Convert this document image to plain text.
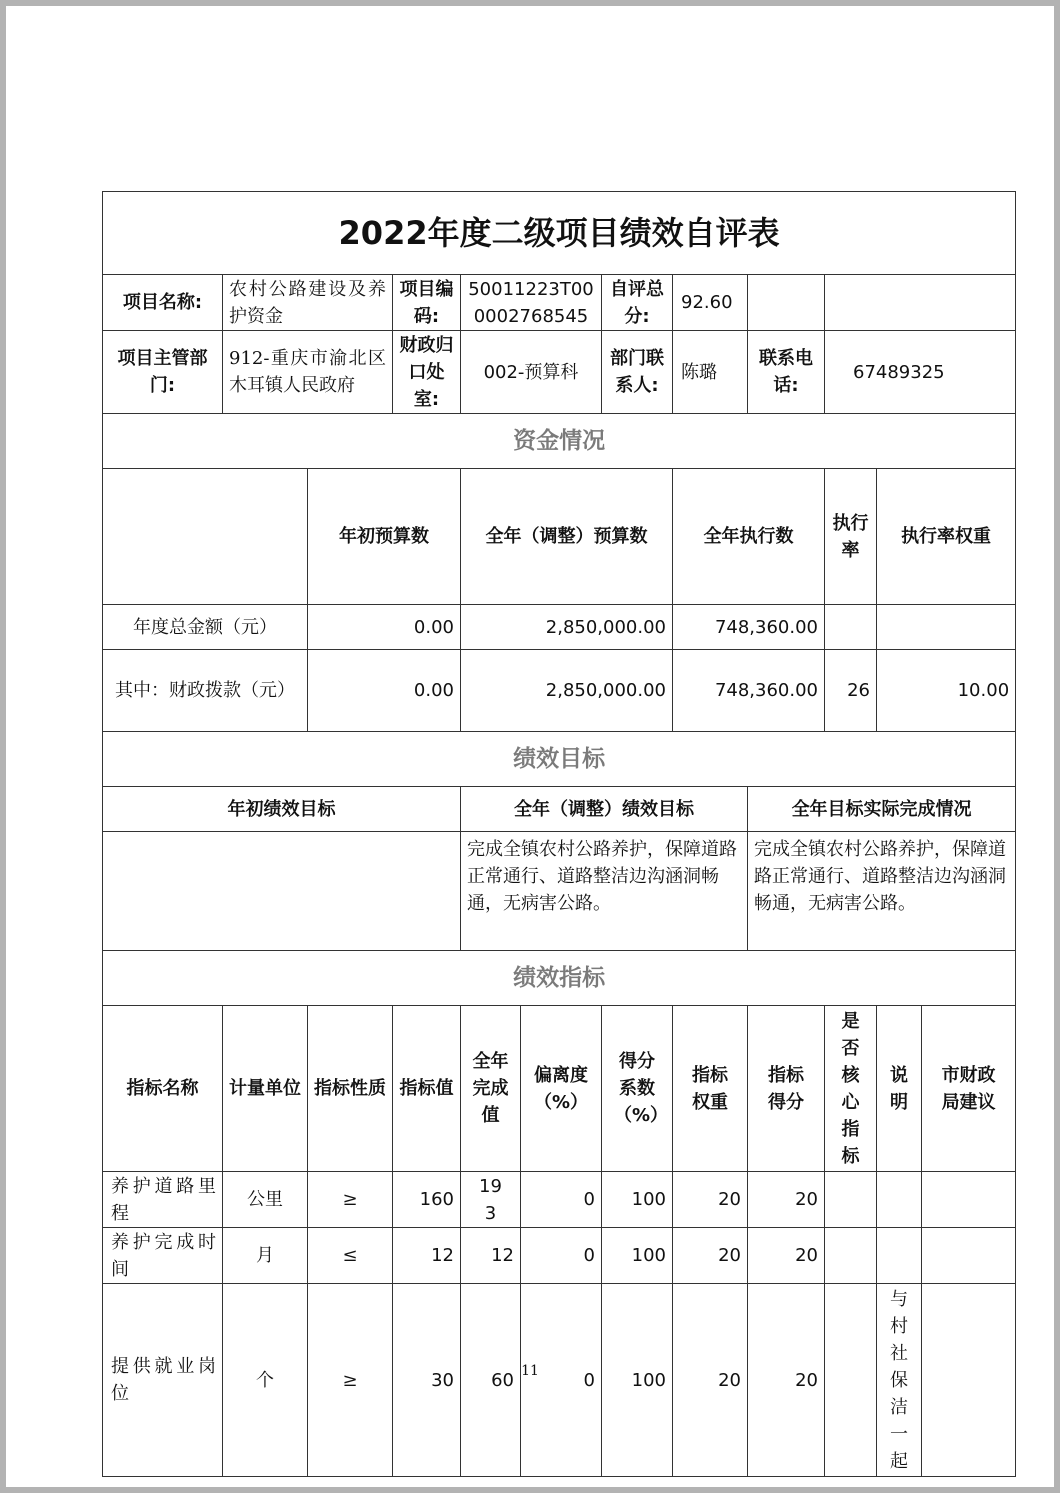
2022年度二级项目绩效自评表												
项目名称:	农村公路建设及养护资金		项目编码:	50011223T000002768545		自评总分:	92.60					
项目主管部门:	912-重庆市渝北区木耳镇人民政府		财政归口处室:	002-预算科		部门联系人:	陈璐	联系电话:	67489325			
资金情况												
		年初预算数		全年（调整）预算数			全年执行数		执行率	执行率权重	
年度总金额（元）		0.00		2,850,000.00			748,360.00					
其中：财政拨款（元）		0.00		2,850,000.00			748,360.00		26	10.00	
绩效目标												
年初绩效目标				全年（调整）绩效目标				全年目标实际完成情况				
				完成全镇农村公路养护，保障道路正常通行、道路整洁边沟涵洞畅通，无病害公路。				完成全镇农村公路养护，保障道路正常通行、道路整洁边沟涵洞畅通，无病害公路。				
绩效指标												
指标名称	计量单位	指标性质	指标值	全年完成值	偏离度（%）	得分系数（%）	指标权重	指标得分	是否核心指标	说明	市财政局建议	
养护道路里程	公里	≥	160	193	0	100	20	20				
养护完成时间	月	≤	12	12	0	100	20	20				
提供就业岗位	个	≥	30	60	0	100	20	20		与村社保洁一起		
11
